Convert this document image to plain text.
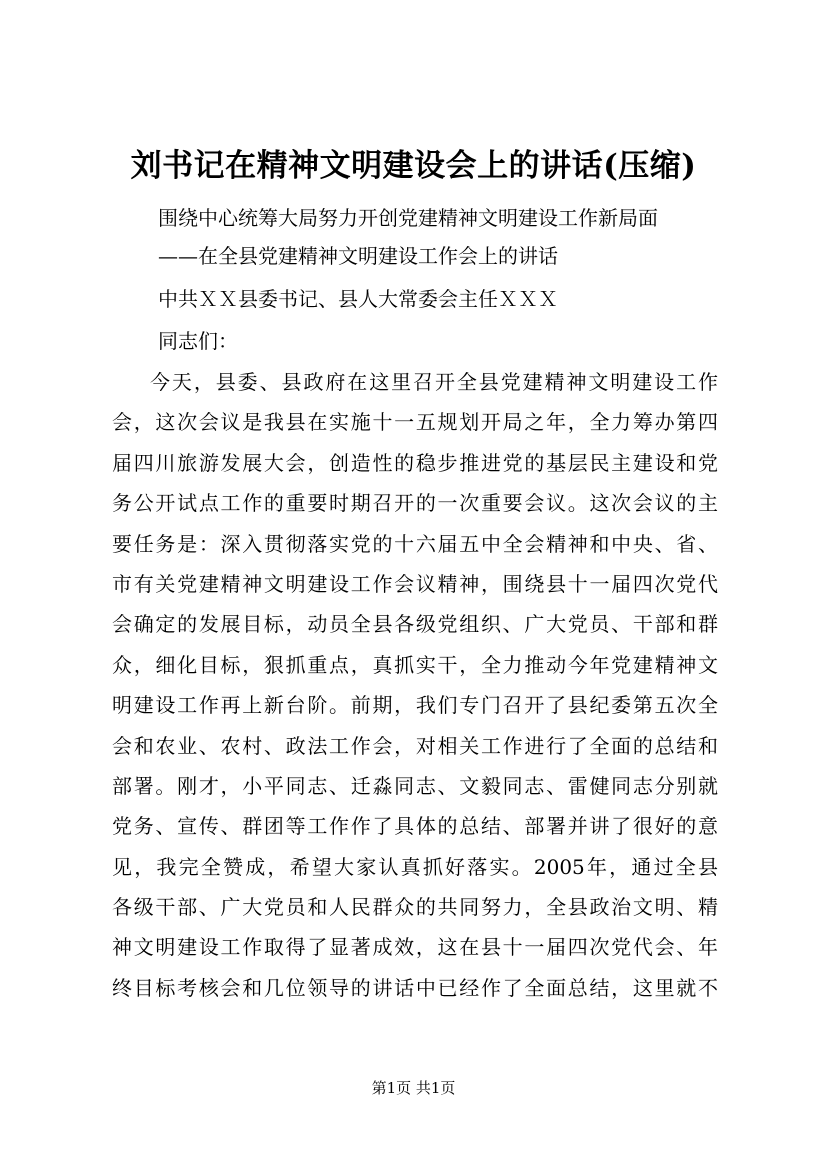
刘书记在精神文明建设会上的讲话(压缩)
围绕中心统筹大局努力开创党建精神文明建设工作新局面
——在全县党建精神文明建设工作会上的讲话
中共ＸＸ县委书记、县人大常委会主任ＸＸＸ
同志们：
今天，县委、县政府在这里召开全县党建精神文明建设工作
会，这次会议是我县在实施十一五规划开局之年，全力筹办第四
届四川旅游发展大会，创造性的稳步推进党的基层民主建设和党
务公开试点工作的重要时期召开的一次重要会议。这次会议的主
要任务是：深入贯彻落实党的十六届五中全会精神和中央、省、
市有关党建精神文明建设工作会议精神，围绕县十一届四次党代
会确定的发展目标，动员全县各级党组织、广大党员、干部和群
众，细化目标，狠抓重点，真抓实干，全力推动今年党建精神文
明建设工作再上新台阶。前期，我们专门召开了县纪委第五次全
会和农业、农村、政法工作会，对相关工作进行了全面的总结和
部署。刚才，小平同志、迁淼同志、文毅同志、雷健同志分别就
党务、宣传、群团等工作作了具体的总结、部署并讲了很好的意
见，我完全赞成，希望大家认真抓好落实。2005年，通过全县
各级干部、广大党员和人民群众的共同努力，全县政治文明、精
神文明建设工作取得了显著成效，这在县十一届四次党代会、年
终目标考核会和几位领导的讲话中已经作了全面总结，这里就不
第1页 共1页
